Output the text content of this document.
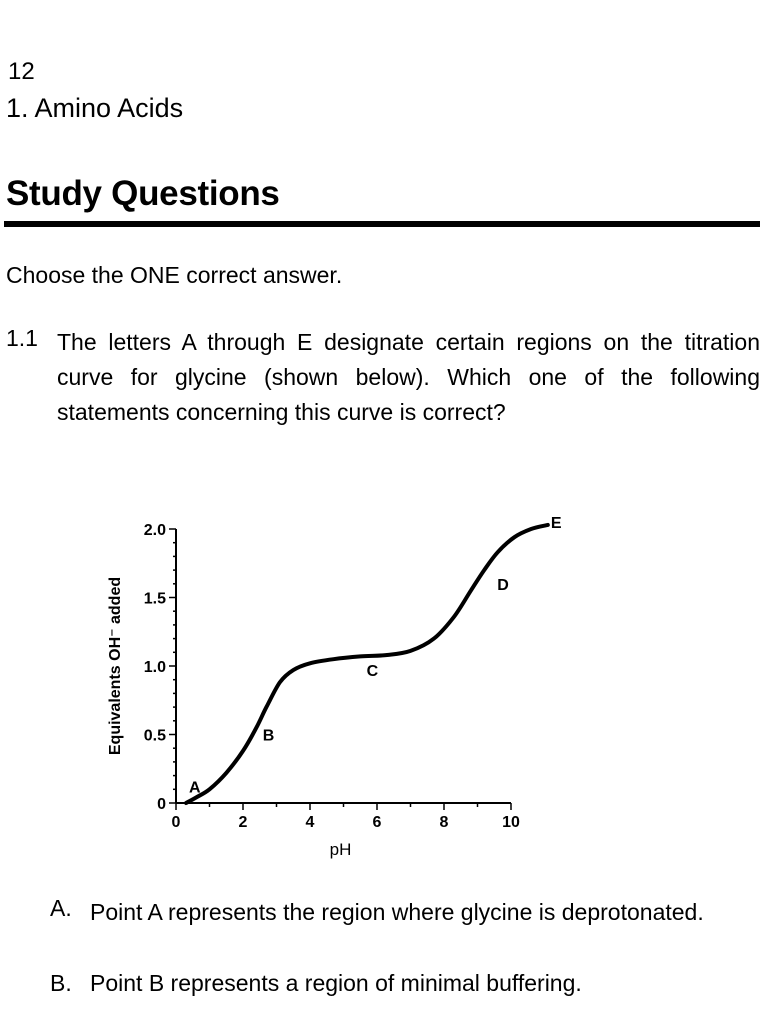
12
1. Amino Acids
Study Questions
Choose the ONE correct answer.
1.1 The letters A through E designate certain regions on the titration curve for glycine (shown below). Which one of the following statements concerning this curve is correct?
0
0.5
1.0
1.5
2.0
0	2	4	6	8	10
pH
Equivalents OH⁻ added
A
B
C
D
E
A. Point A represents the region where glycine is deprotonated.
B. Point B represents a region of minimal buffering.
